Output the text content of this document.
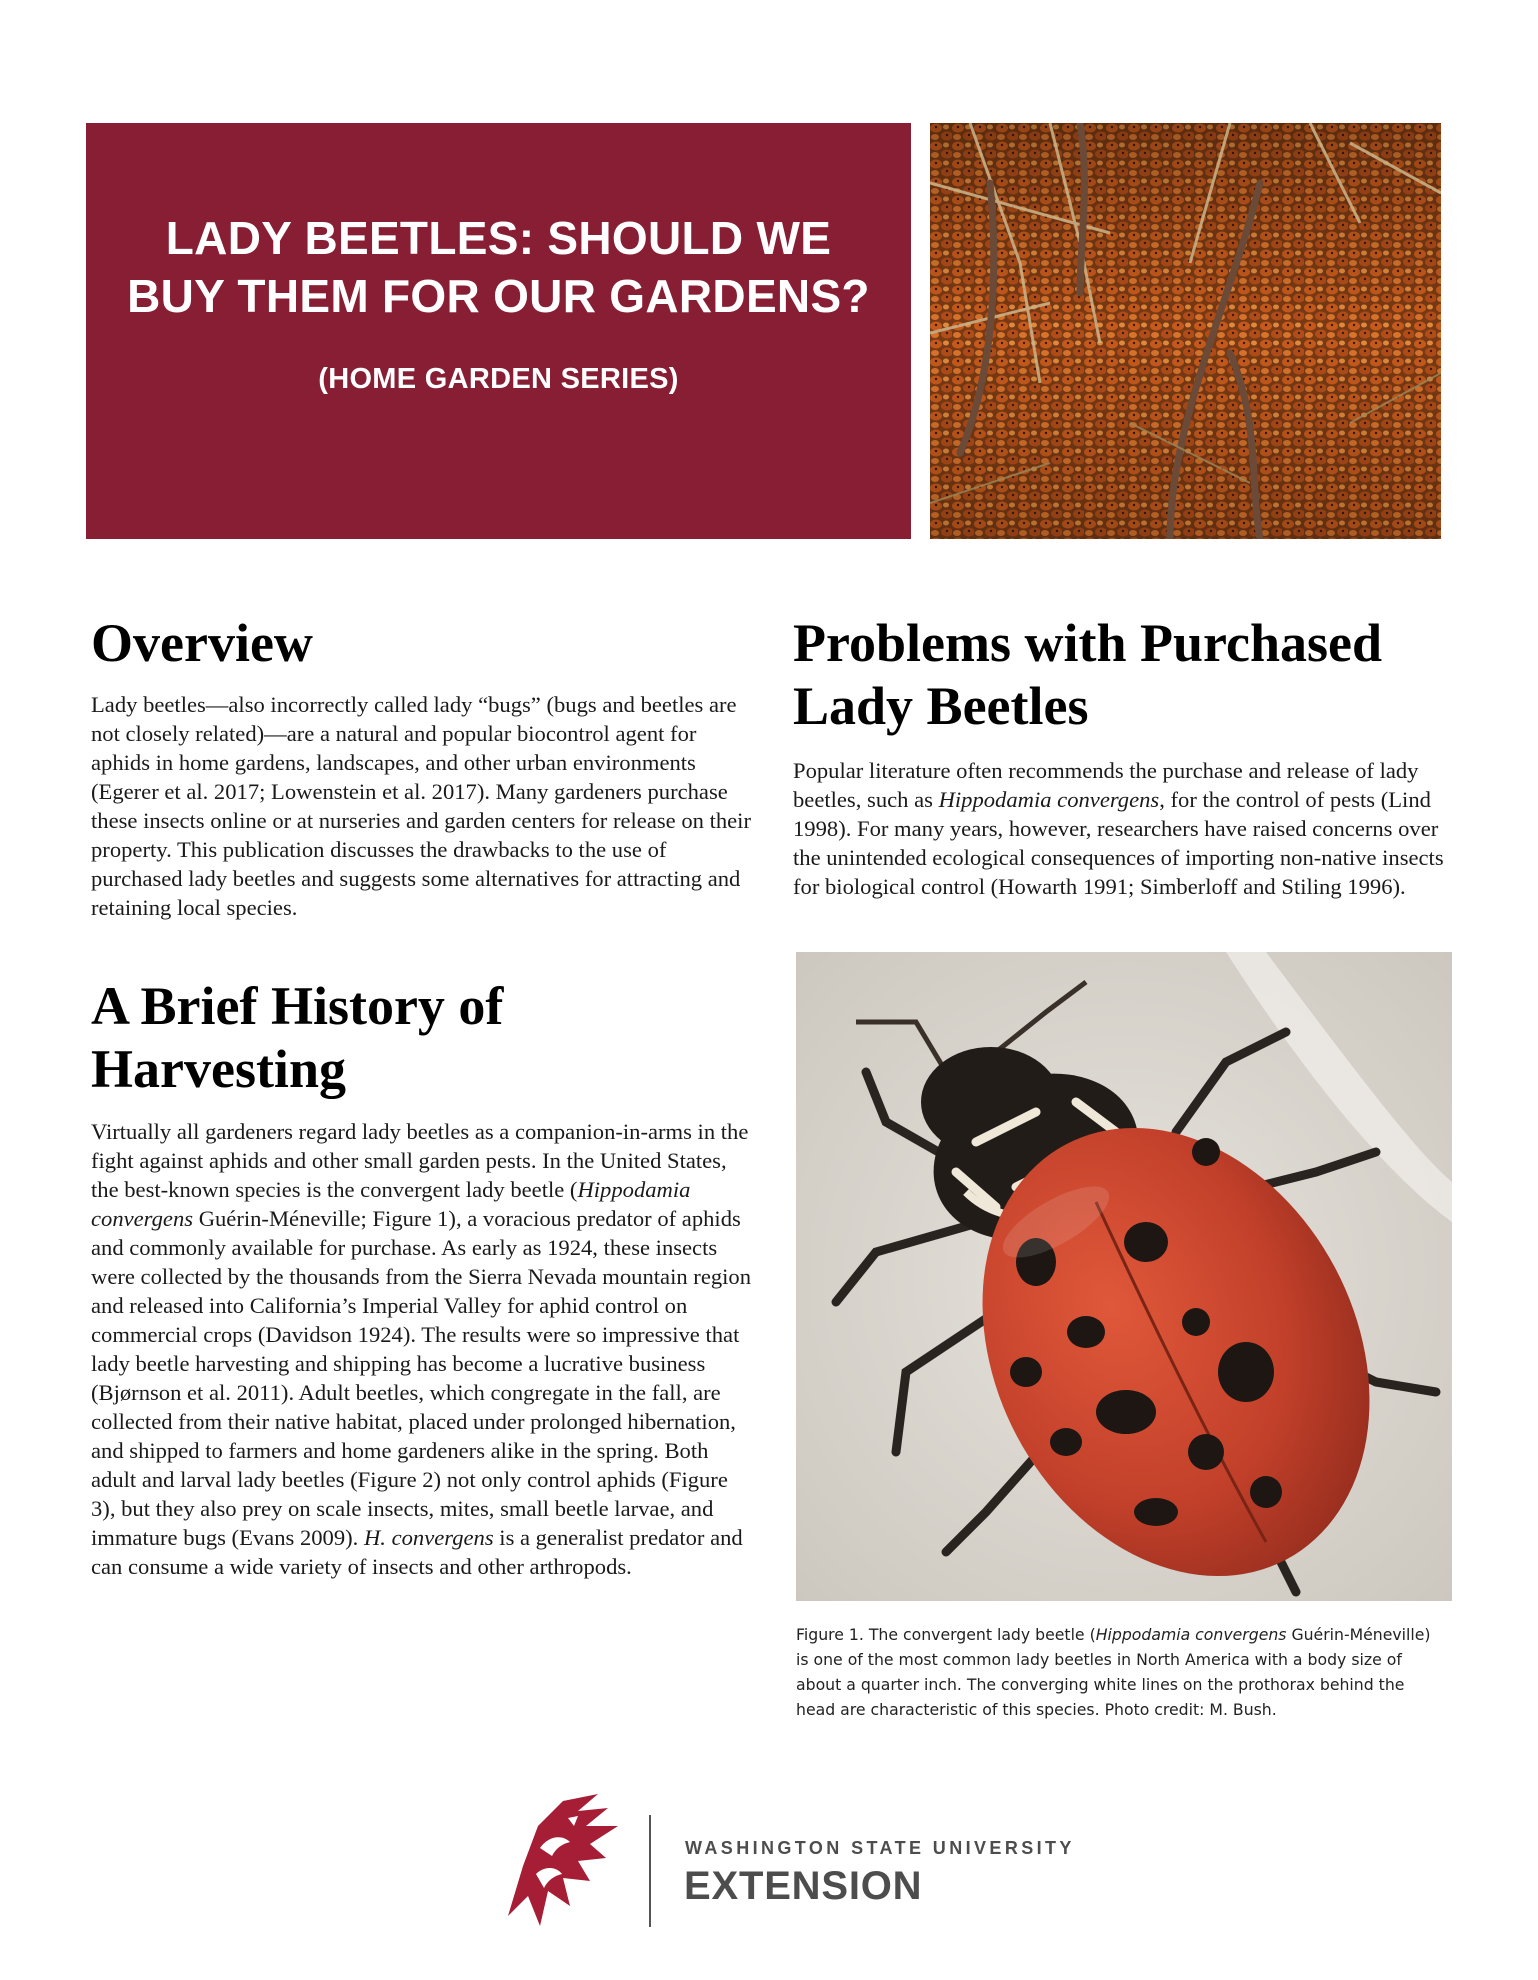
LADY BEETLES: SHOULD WE
BUY THEM FOR OUR GARDENS?
(HOME GARDEN SERIES)
Overview

Lady beetles—also incorrectly called lady “bugs” (bugs and beetles are not closely related)—are a natural and popular biocontrol agent for aphids in home gardens, landscapes, and other urban environments (Egerer et al. 2017; Lowenstein et al. 2017). Many gardeners purchase these insects online or at nurseries and garden centers for release on their property. This publication discusses the drawbacks to the use of purchased lady beetles and suggests some alternatives for attracting and retaining local species.

A Brief History of
Harvesting

Virtually all gardeners regard lady beetles as a companion-in-arms in the fight against aphids and other small garden pests. In the United States, the best-known species is the convergent lady beetle (Hippodamia convergens Guérin-Méneville; Figure 1), a voracious predator of aphids and commonly available for purchase. As early as 1924, these insects were collected by the thousands from the Sierra Nevada mountain region and released into California’s Imperial Valley for aphid control on commercial crops (Davidson 1924). The results were so impressive that lady beetle harvesting and shipping has become a lucrative business (Bjørnson et al. 2011). Adult beetles, which congregate in the fall, are collected from their native habitat, placed under prolonged hibernation, and shipped to farmers and home gardeners alike in the spring. Both adult and larval lady beetles (Figure 2) not only control aphids (Figure 3), but they also prey on scale insects, mites, small beetle larvae, and immature bugs (Evans 2009). H. convergens is a generalist predator and can consume a wide variety of insects and other arthropods.

Problems with Purchased
Lady Beetles

Popular literature often recommends the purchase and release of lady beetles, such as Hippodamia convergens, for the control of pests (Lind 1998). For many years, however, researchers have raised concerns over the unintended ecological consequences of importing non-native insects for biological control (Howarth 1991; Simberloff and Stiling 1996).

Figure 1. The convergent lady beetle (Hippodamia convergens Guérin-Méneville) is one of the most common lady beetles in North America with a body size of about a quarter inch. The converging white lines on the prothorax behind the head are characteristic of this species. Photo credit: M. Bush.

WASHINGTON STATE UNIVERSITY
EXTENSION
